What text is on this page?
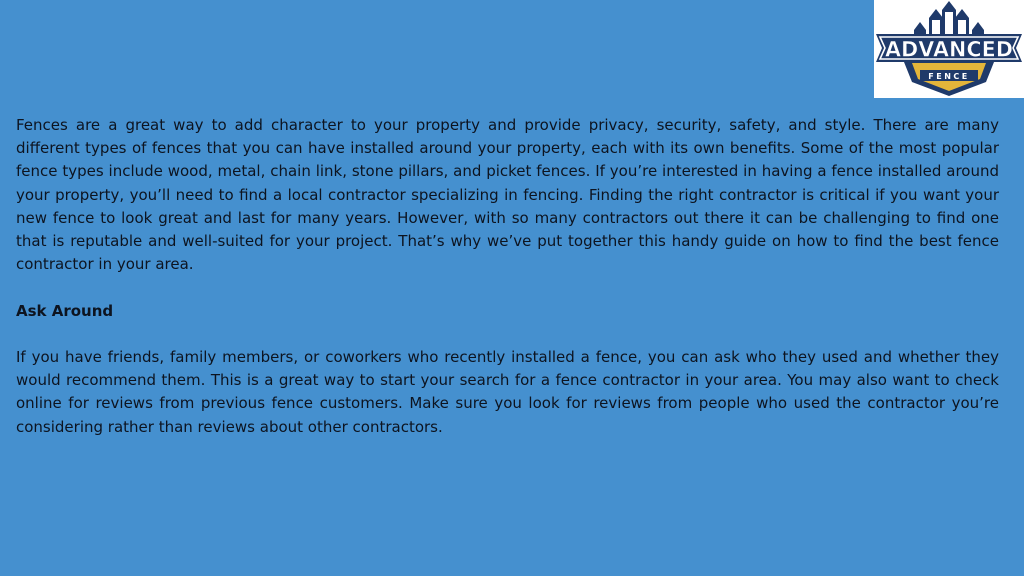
ADVANCED
FENCE

Fences are a great way to add character to your property and provide privacy, security, safety, and style. There are many different types of fences that you can have installed around your property, each with its own benefits. Some of the most popular fence types include wood, metal, chain link, stone pillars, and picket fences. If you’re interested in having a fence installed around your property, you’ll need to find a local contractor specializing in fencing. Finding the right contractor is critical if you want your new fence to look great and last for many years. However, with so many contractors out there it can be challenging to find one that is reputable and well-suited for your project. That’s why we’ve put together this handy guide on how to find the best fence contractor in your area.

Ask Around

If you have friends, family members, or coworkers who recently installed a fence, you can ask who they used and whether they would recommend them. This is a great way to start your search for a fence contractor in your area. You may also want to check online for reviews from previous fence customers. Make sure you look for reviews from people who used the contractor you’re considering rather than reviews about other contractors.
